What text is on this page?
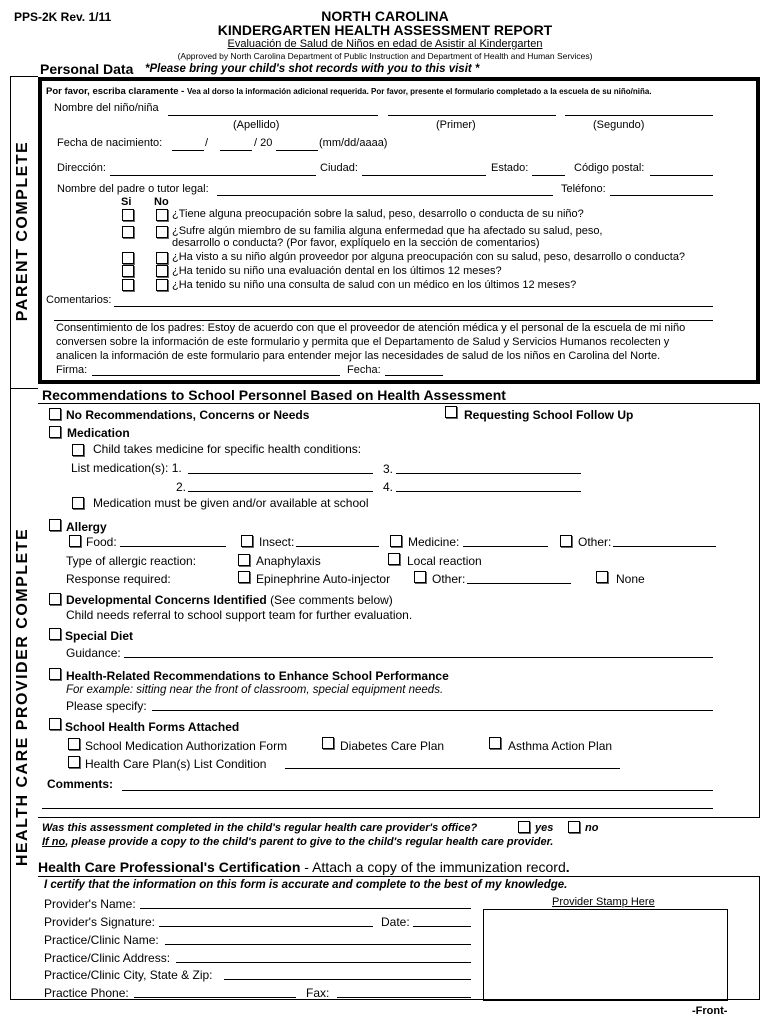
PPS-2K Rev. 1/11	NORTH CAROLINA
KINDERGARTEN HEALTH ASSESSMENT REPORT
Evaluación de Salud de Niños en edad de Asistir al Kindergarten
(Approved by North Carolina Department of Public Instruction and Department of Health and Human Services)
Personal Data *Please bring your child's shot records with you to this visit *
PARENT COMPLETE
HEALTH CARE PROVIDER COMPLETE
Por favor, escriba claramente - Vea al dorso la información adicional requerida. Por favor, presente el formulario completado a la escuela de su niño/niña.
Nombre del niño/niña
(Apellido)	(Primer)	(Segundo)
Fecha de nacimiento:	/	/ 20	(mm/dd/aaaa)
Dirección:	Ciudad:	Estado:	Código postal:
Nombre del padre o tutor legal:	Teléfono:
Si No
¿Tiene alguna preocupación sobre la salud, peso, desarrollo o conducta de su niño?
¿Sufre algún miembro de su familia alguna enfermedad que ha afectado su salud, peso,
desarrollo o conducta? (Por favor, explíquelo en la sección de comentarios)
¿Ha visto a su niño algún proveedor por alguna preocupación con su salud, peso, desarrollo o conducta?
¿Ha tenido su niño una evaluación dental en los últimos 12 meses?
¿Ha tenido su niño una consulta de salud con un médico en los últimos 12 meses?
Comentarios:
Consentimiento de los padres: Estoy de acuerdo con que el proveedor de atención médica y el personal de la escuela de mi niño
conversen sobre la información de este formulario y permita que el Departamento de Salud y Servicios Humanos recolecten y
analicen la información de este formulario para entender mejor las necesidades de salud de los niños en Carolina del Norte.
Firma:	Fecha:
Recommendations to School Personnel Based on Health Assessment
No Recommendations, Concerns or Needs	Requesting School Follow Up
Medication
Child takes medicine for specific health conditions:
List medication(s): 1.	3.
2.	4.
Medication must be given and/or available at school
Allergy
Food:	Insect:	Medicine:	Other:
Type of allergic reaction:	Anaphylaxis	Local reaction
Response required:	Epinephrine Auto-injector	Other:	None
Developmental Concerns Identified (See comments below)
Child needs referral to school support team for further evaluation.
Special Diet
Guidance:
Health-Related Recommendations to Enhance School Performance
For example: sitting near the front of classroom, special equipment needs.
Please specify:
School Health Forms Attached
School Medication Authorization Form	Diabetes Care Plan	Asthma Action Plan
Health Care Plan(s) List Condition
Comments:
Was this assessment completed in the child's regular health care provider's office?	yes	no
If no, please provide a copy to the child's parent to give to the child's regular health care provider.
Health Care Professional's Certification - Attach a copy of the immunization record.
I certify that the information on this form is accurate and complete to the best of my knowledge.
Provider's Name:
Provider's Signature:	Date:
Practice/Clinic Name:
Practice/Clinic Address:
Practice/Clinic City, State & Zip:
Practice Phone:	Fax:
Provider Stamp Here
-Front-
